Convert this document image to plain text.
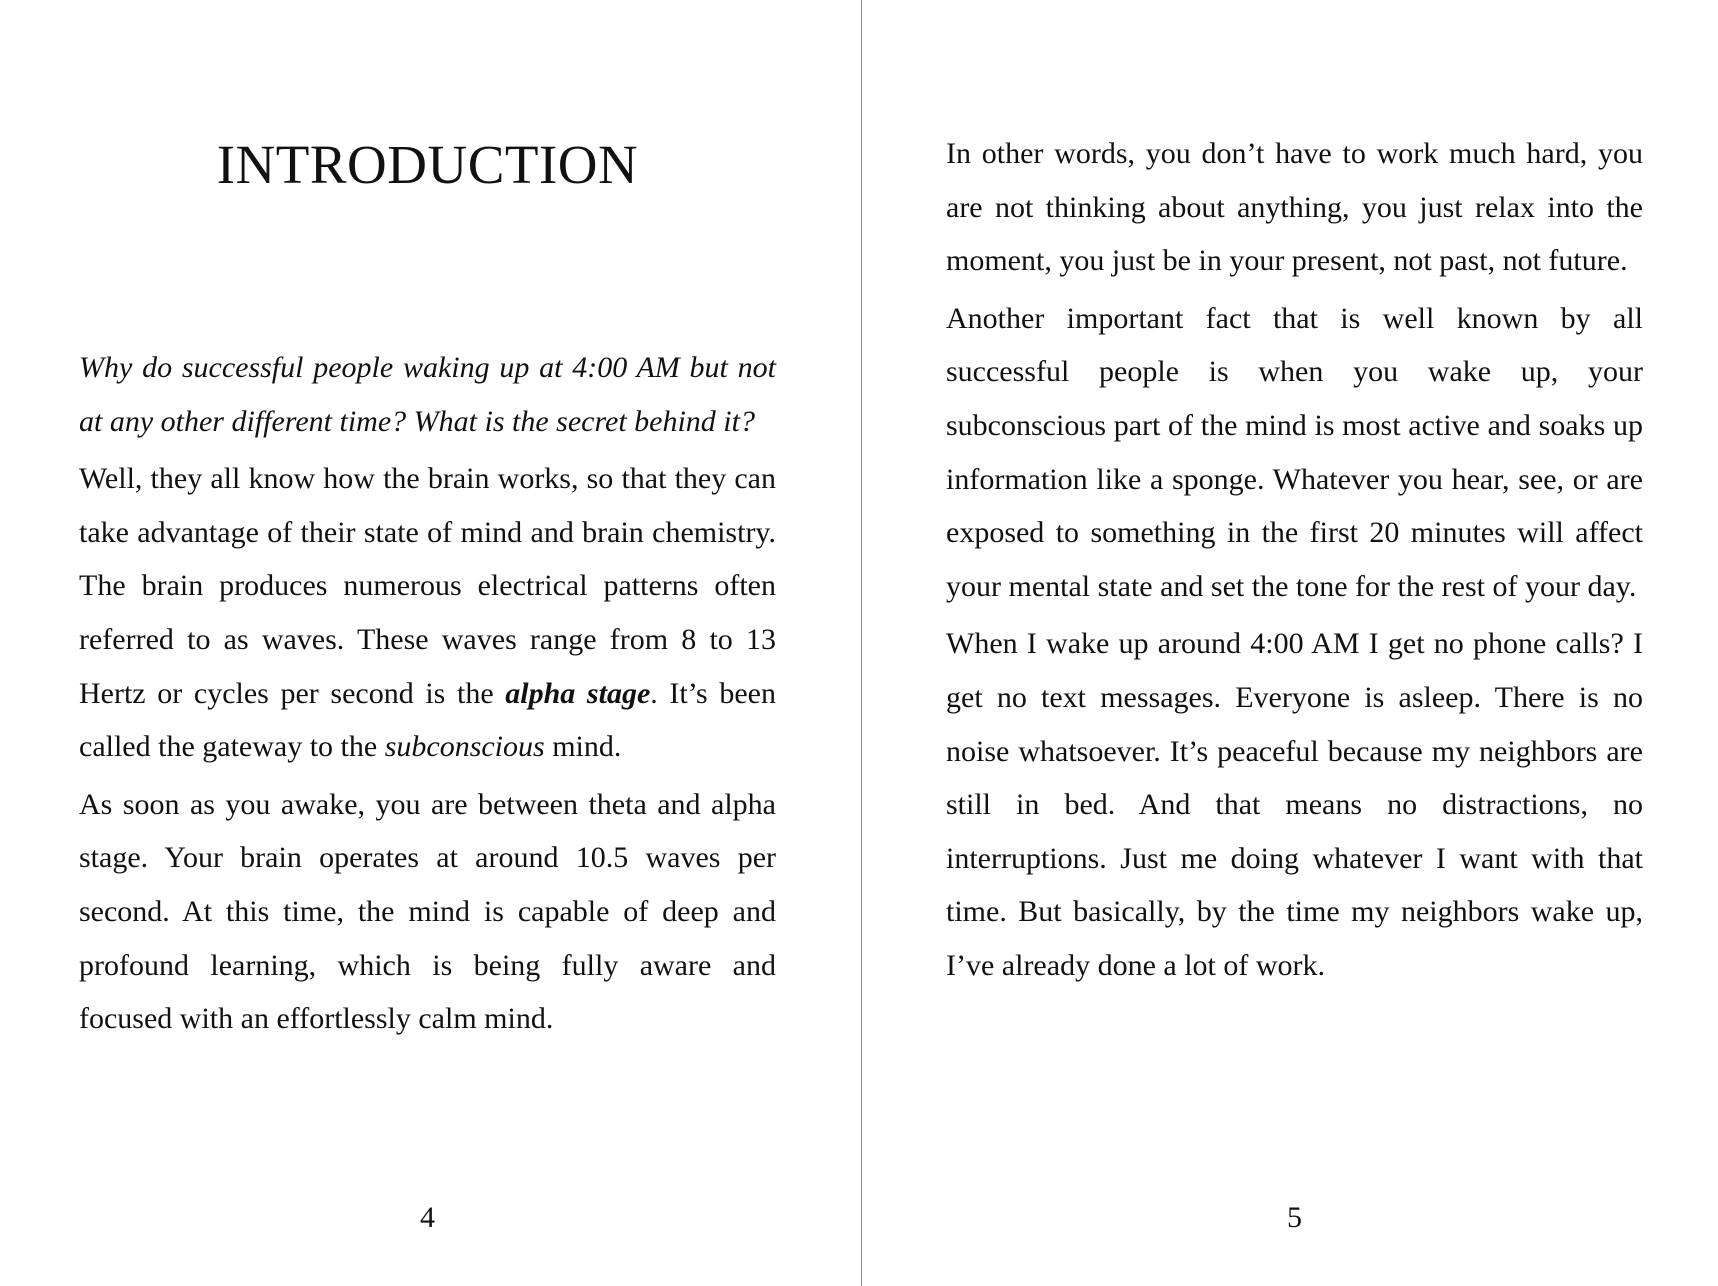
INTRODUCTION

Why do successful people waking up at 4:00 AM but not at any other different time? What is the secret behind it?

Well, they all know how the brain works, so that they can take advantage of their state of mind and brain chemistry. The brain produces numerous electrical patterns often referred to as waves. These waves range from 8 to 13 Hertz or cycles per second is the alpha stage. It’s been called the gateway to the subconscious mind.

As soon as you awake, you are between theta and alpha stage. Your brain operates at around 10.5 waves per second. At this time, the mind is capable of deep and profound learning, which is being fully aware and focused with an effortlessly calm mind.

4

In other words, you don’t have to work much hard, you are not thinking about anything, you just relax into the moment, you just be in your present, not past, not future.

Another important fact that is well known by all successful people is when you wake up, your subconscious part of the mind is most active and soaks up information like a sponge. Whatever you hear, see, or are exposed to something in the first 20 minutes will affect your mental state and set the tone for the rest of your day.

When I wake up around 4:00 AM I get no phone calls? I get no text messages. Everyone is asleep. There is no noise whatsoever. It’s peaceful because my neighbors are still in bed. And that means no distractions, no interruptions. Just me doing whatever I want with that time. But basically, by the time my neighbors wake up, I’ve already done a lot of work.

5
